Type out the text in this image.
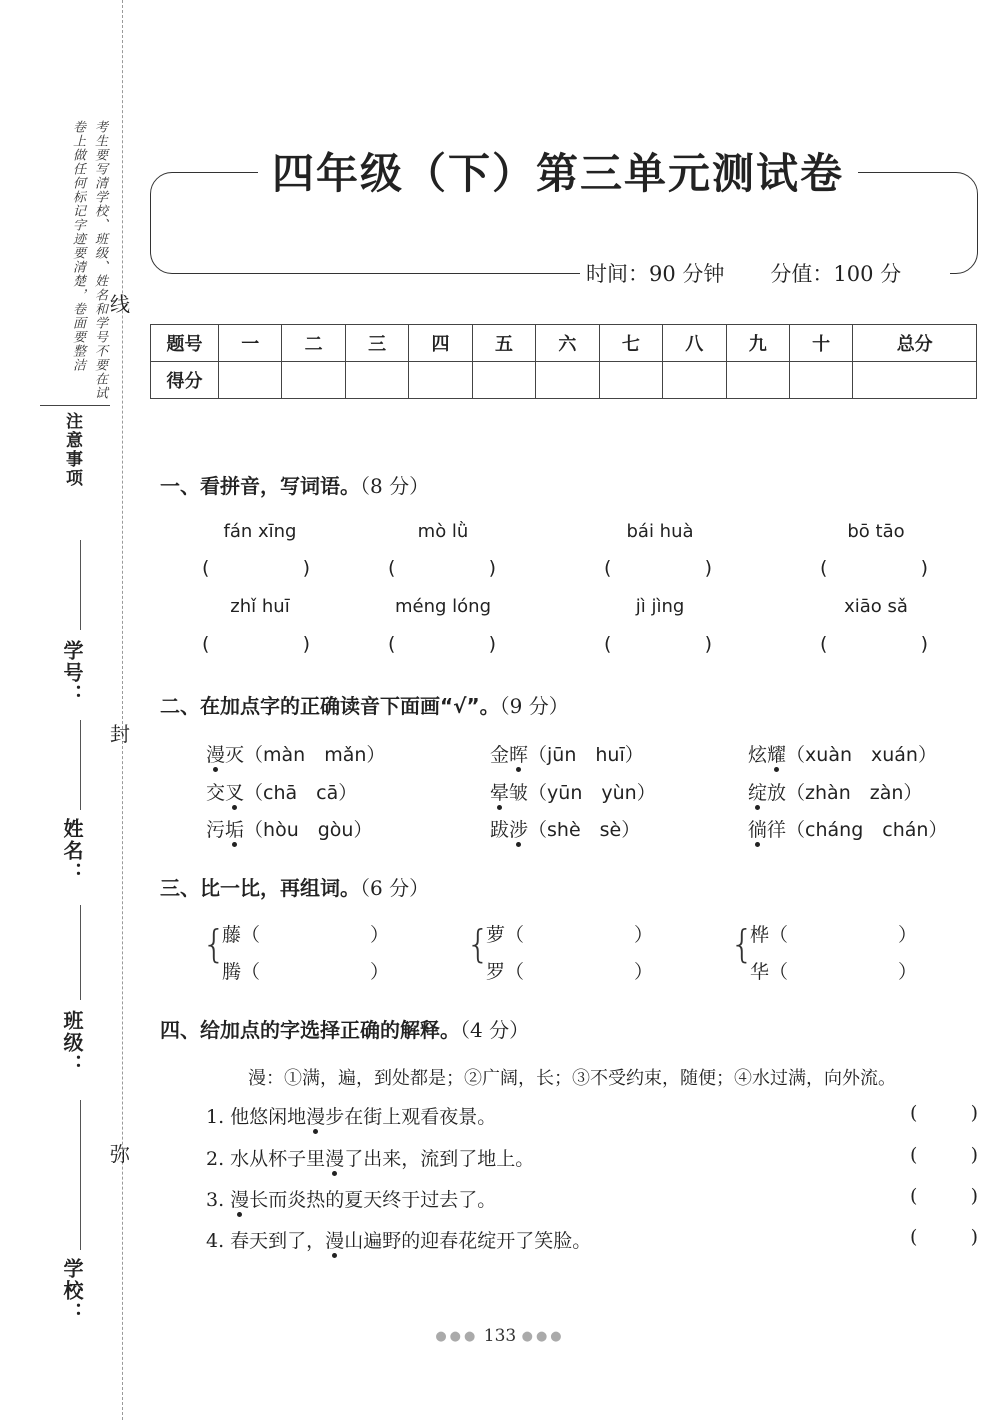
考生要写清学校、班级、姓名和学号不要在试卷上做任何标记字迹要清楚，卷面要整洁
注意事项
学号：
姓名：
班级：
学校：
线
封
弥
四年级（下）第三单元测试卷
时间：90 分钟 分值：100 分
题号	一	二	三	四	五	六	七	八	九	十	总分
得分											
一、看拼音，写词语。（8 分）
fán xīng	mò lǜ	bái huà	bō tāo
(	)	(	)	(	)	(	)
zhǐ huī	méng lóng	jì jìng	xiāo sǎ
(	)	(	)	(	)	(	)
二、在加点字的正确读音下面画“√”。（9 分）
漫灭（màn　mǎn）	金晖（jūn　huī）	炫耀（xuàn　xuán）
交叉（chā　cā）	晕皱（yūn　yùn）	绽放（zhàn　zàn）
污垢（hòu　gòu）	跋涉（shè　sè）	徜徉（cháng　chán）
三、比一比，再组词。（6 分）
{
藤（	）
腾（	）
{
萝（	）
罗（	）
{
桦（	）
华（	）
四、给加点的字选择正确的解释。（4 分）
漫：①满，遍，到处都是；②广阔，长；③不受约束，随便；④水过满，向外流。
1. 他悠闲地漫步在街上观看夜景。	(	)
2. 水从杯子里漫了出来，流到了地上。	(	)
3. 漫长而炎热的夏天终于过去了。	(	)
4. 春天到了，漫山遍野的迎春花绽开了笑脸。	(	)
●●● 133 ●●●
